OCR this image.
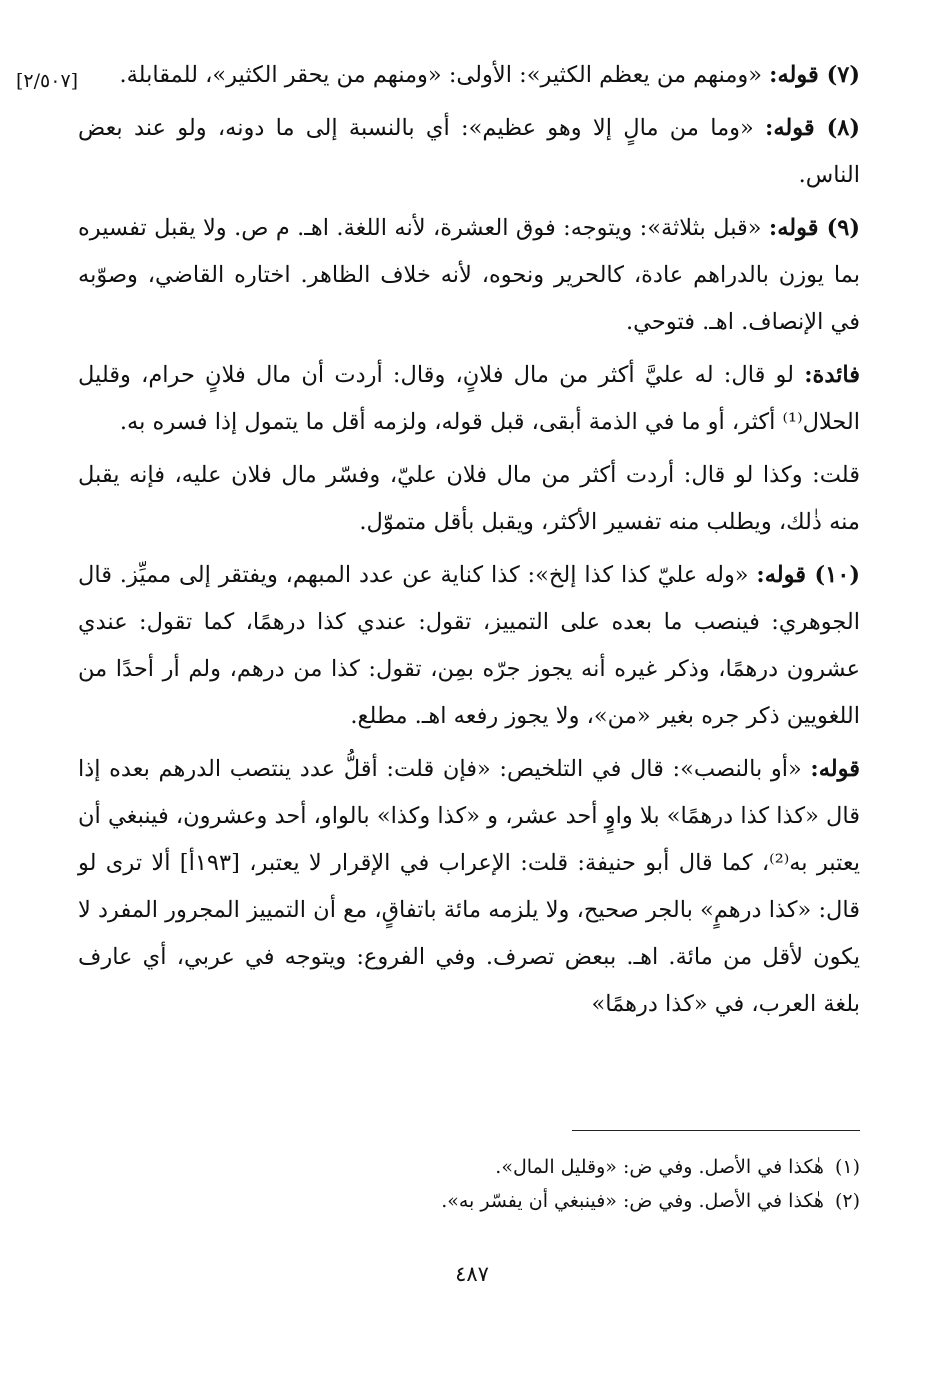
[٢/٥٠٧]	(٧) قوله: «ومنهم من يعظم الكثير»: الأولى: «ومنهم من يحقر الكثير»، للمقابلة.

(٨) قوله: «وما من مالٍ إلا وهو عظيم»: أي بالنسبة إلى ما دونه، ولو عند بعض الناس.

(٩) قوله: «قبل بثلاثة»: ويتوجه: فوق العشرة، لأنه اللغة. اهـ. م ص. ولا يقبل تفسيره بما يوزن بالدراهم عادة، كالحرير ونحوه، لأنه خلاف الظاهر. اختاره القاضي، وصوّبه في الإنصاف. اهـ. فتوحي.

فائدة: لو قال: له عليَّ أكثر من مال فلانٍ، وقال: أردت أن مال فلانٍ حرام، وقليل الحلال⁽¹⁾ أكثر، أو ما في الذمة أبقى، قبل قوله، ولزمه أقل ما يتمول إذا فسره به.

قلت: وكذا لو قال: أردت أكثر من مال فلان عليّ، وفسّر مال فلان عليه، فإنه يقبل منه ذٰلك، ويطلب منه تفسير الأكثر، ويقبل بأقل متموّل.

(١٠) قوله: «وله عليّ كذا كذا إلخ»: كذا كناية عن عدد المبهم، ويفتقر إلى مميِّز. قال الجوهري: فينصب ما بعده على التمييز، تقول: عندي كذا درهمًا، كما تقول: عندي عشرون درهمًا، وذكر غيره أنه يجوز جرّه بمِن، تقول: كذا من درهم، ولم أر أحدًا من اللغويين ذكر جره بغير «من»، ولا يجوز رفعه اهـ. مطلع.

قوله: «أو بالنصب»: قال في التلخيص: «فإن قلت: أقلُّ عدد ينتصب الدرهم بعده إذا قال «كذا كذا درهمًا» بلا واوٍ أحد عشر، و «كذا وكذا» بالواو، أحد وعشرون، فينبغي أن يعتبر به⁽²⁾، كما قال أبو حنيفة: قلت: الإعراب في الإقرار لا يعتبر، [١٩٣أ] ألا ترى لو قال: «كذا درهمٍ» بالجر صحيح، ولا يلزمه مائة باتفاقٍ، مع أن التمييز المجرور المفرد لا يكون لأقل من مائة. اهـ. ببعض تصرف. وفي الفروع: ويتوجه في عربي، أي عارف بلغة العرب، في «كذا درهمًا»

(١) هٰكذا في الأصل. وفي ض: «وقليل المال».

(٢) هٰكذا في الأصل. وفي ض: «فينبغي أن يفسّر به».

٤٨٧
